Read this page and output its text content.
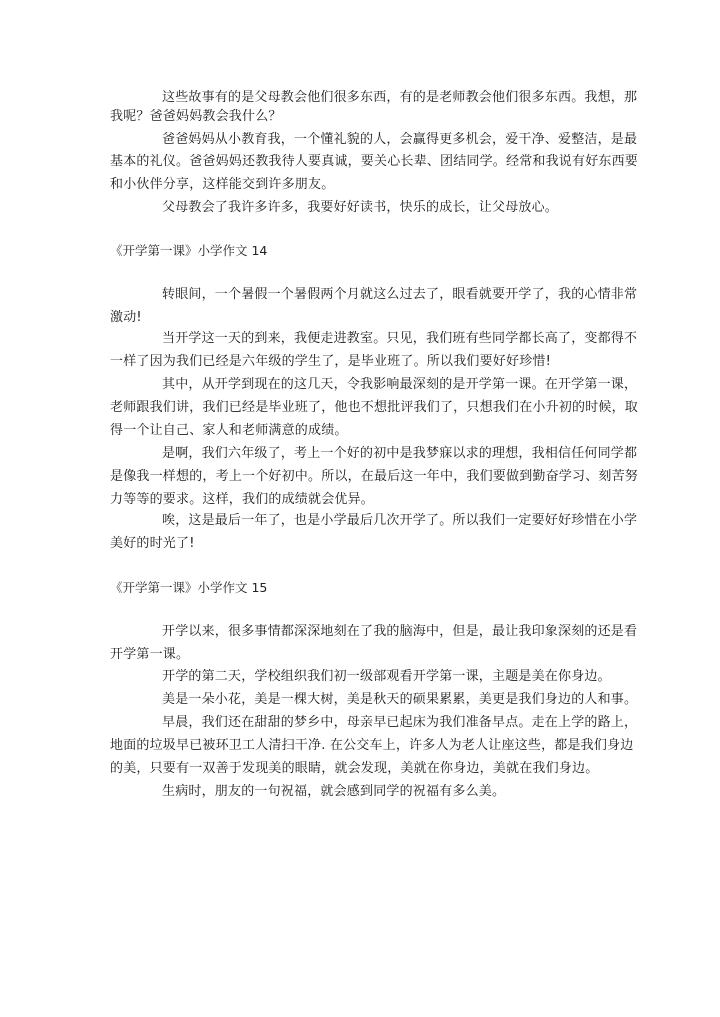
这些故事有的是父母教会他们很多东西，有的是老师教会他们很多东西。我想，那
我呢？爸爸妈妈教会我什么？
爸爸妈妈从小教育我，一个懂礼貌的人，会赢得更多机会，爱干净、爱整洁，是最
基本的礼仪。爸爸妈妈还教我待人要真诚，要关心长辈、团结同学。经常和我说有好东西要
和小伙伴分享，这样能交到许多朋友。
父母教会了我许多许多，我要好好读书，快乐的成长，让父母放心。
《开学第一课》小学作文 14
转眼间，一个暑假一个暑假两个月就这么过去了，眼看就要开学了，我的心情非常
激动!
当开学这一天的到来，我便走进教室。只见，我们班有些同学都长高了，变都得不
一样了因为我们已经是六年级的学生了，是毕业班了。所以我们要好好珍惜!
其中，从开学到现在的这几天，令我影响最深刻的是开学第一课。在开学第一课，
老师跟我们讲，我们已经是毕业班了，他也不想批评我们了，只想我们在小升初的时候，取
得一个让自己、家人和老师满意的成绩。
是啊，我们六年级了，考上一个好的初中是我梦寐以求的理想，我相信任何同学都
是像我一样想的，考上一个好初中。所以，在最后这一年中，我们要做到勤奋学习、刻苦努
力等等的要求。这样，我们的成绩就会优异。
唉，这是最后一年了，也是小学最后几次开学了。所以我们一定要好好珍惜在小学
美好的时光了!
《开学第一课》小学作文 15
开学以来，很多事情都深深地刻在了我的脑海中，但是，最让我印象深刻的还是看
开学第一课。
开学的第二天，学校组织我们初一级部观看开学第一课，主题是美在你身边。
美是一朵小花，美是一棵大树，美是秋天的硕果累累，美更是我们身边的人和事。
早晨，我们还在甜甜的梦乡中，母亲早已起床为我们准备早点。走在上学的路上，
地面的垃圾早已被环卫工人清扫干净. 在公交车上，许多人为老人让座这些，都是我们身边
的美，只要有一双善于发现美的眼睛，就会发现，美就在你身边，美就在我们身边。
生病时，朋友的一句祝福，就会感到同学的祝福有多么美。
